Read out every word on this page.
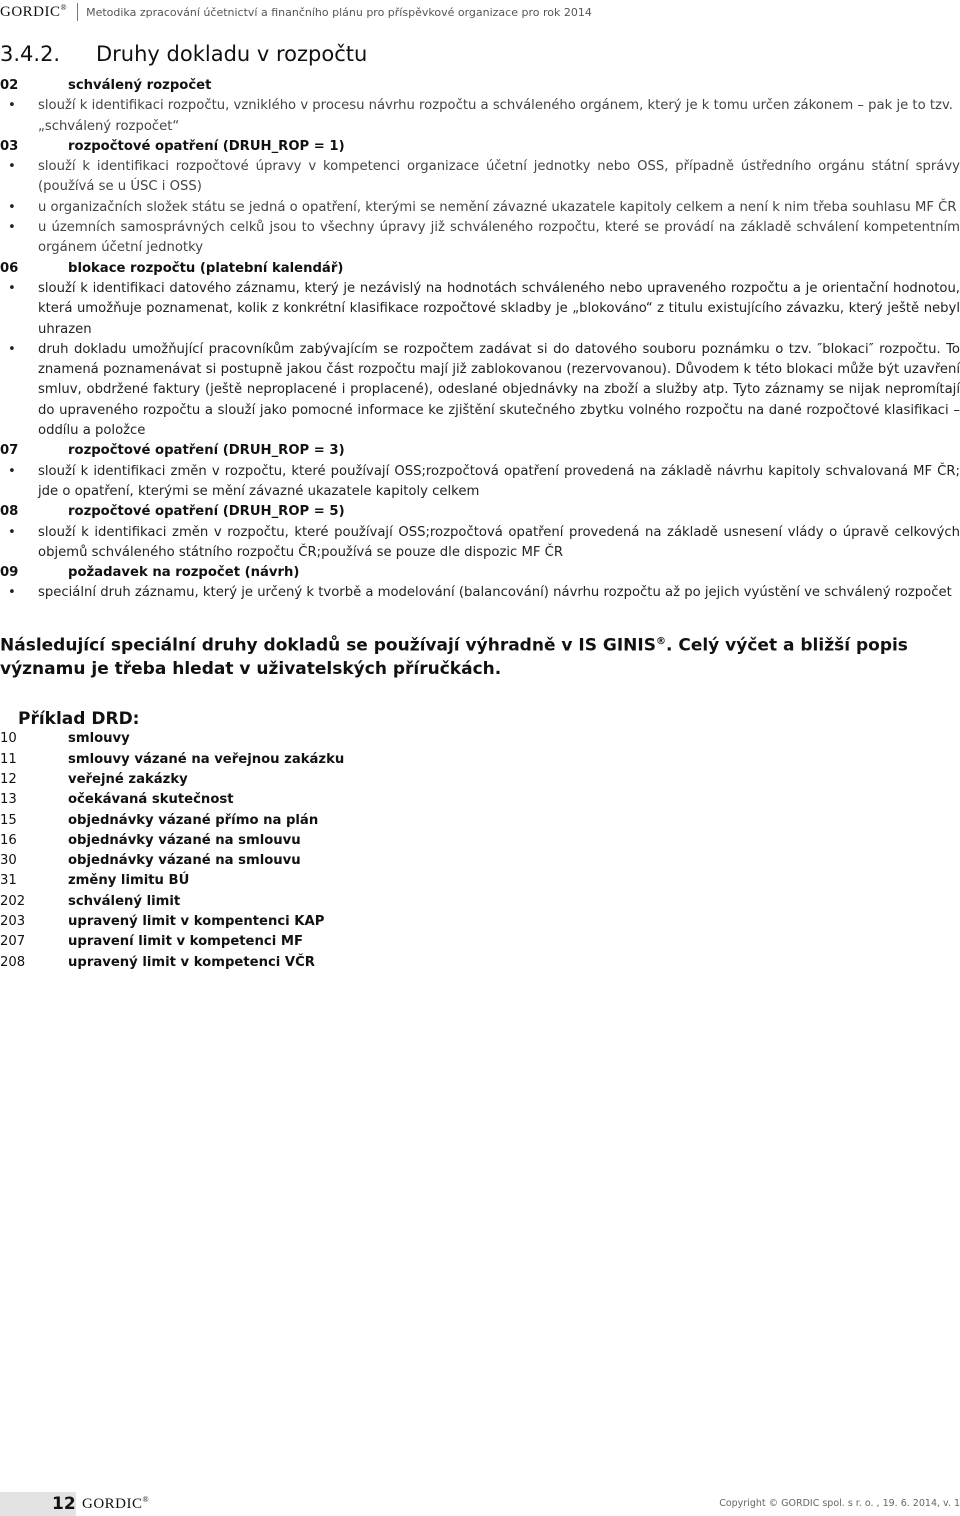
GORDIC® Metodika zpracování účetnictví a finančního plánu pro příspěvkové organizace pro rok 2014
3.4.2. Druhy dokladu v rozpočtu
02	schválený rozpočet
•	slouží k identifikaci rozpočtu, vzniklého v procesu návrhu rozpočtu a schváleného orgánem, který je k tomu určen zákonem – pak je to tzv.
„schválený rozpočet“
03	rozpočtové opatření (DRUH_ROP = 1)
•	slouží k identifikaci rozpočtové úpravy v kompetenci organizace účetní jednotky nebo OSS, případně ústředního orgánu státní správy (používá se u ÚSC i OSS)
•	u organizačních složek státu se jedná o opatření, kterými se nemění závazné ukazatele kapitoly celkem a není k nim třeba souhlasu MF ČR
•	u územních samosprávných celků jsou to všechny úpravy již schváleného rozpočtu, které se provádí na základě schválení kompetentním orgánem účetní jednotky
06	blokace rozpočtu (platební kalendář)
•	slouží k identifikaci datového záznamu, který je nezávislý na hodnotách schváleného nebo upraveného rozpočtu a je orientační hodnotou, která umožňuje poznamenat, kolik z konkrétní klasifikace rozpočtové skladby je „blokováno“ z titulu existujícího závazku, který ještě nebyl uhrazen
•	druh dokladu umožňující pracovníkům zabývajícím se rozpočtem zadávat si do datového souboru poznámku o tzv. ″blokaci″ rozpočtu. To znamená poznamenávat si postupně jakou část rozpočtu mají již zablokovanou (rezervovanou). Důvodem k této blokaci může být uzavření smluv, obdržené faktury (ještě neproplacené i proplacené), odeslané objednávky na zboží a služby atp. Tyto záznamy se nijak nepromítají do upraveného rozpočtu a slouží jako pomocné informace ke zjištění skutečného zbytku volného rozpočtu na dané rozpočtové klasifikaci – oddílu a položce
07	rozpočtové opatření (DRUH_ROP = 3)
•	slouží k identifikaci změn v rozpočtu, které používají OSS;rozpočtová opatření provedená na základě návrhu kapitoly schvalovaná MF ČR; jde o opatření, kterými se mění závazné ukazatele kapitoly celkem
08	rozpočtové opatření (DRUH_ROP = 5)
•	slouží k identifikaci změn v rozpočtu, které používají OSS;rozpočtová opatření provedená na základě usnesení vlády o úpravě celkových objemů schváleného státního rozpočtu ČR;používá se pouze dle dispozic MF ČR
09	požadavek na rozpočet (návrh)
•	speciální druh záznamu, který je určený k tvorbě a modelování (balancování) návrhu rozpočtu až po jejich vyústění ve schválený rozpočet
Následující speciální druhy dokladů se používají výhradně v IS GINIS®. Celý výčet a bližší popis významu je třeba hledat v uživatelských příručkách.
Příklad DRD:
10	smlouvy
11	smlouvy vázané na veřejnou zakázku
12	veřejné zakázky
13	očekávaná skutečnost
15	objednávky vázané přímo na plán
16	objednávky vázané na smlouvu
30	objednávky vázané na smlouvu
31	změny limitu BÚ
202	schválený limit
203	upravený limit v kompentenci KAP
207	upravení limit v kompetenci MF
208	upravený limit v kompetenci VČR
12 GORDIC®	Copyright © GORDIC spol. s r. o. , 19. 6. 2014, v. 1
